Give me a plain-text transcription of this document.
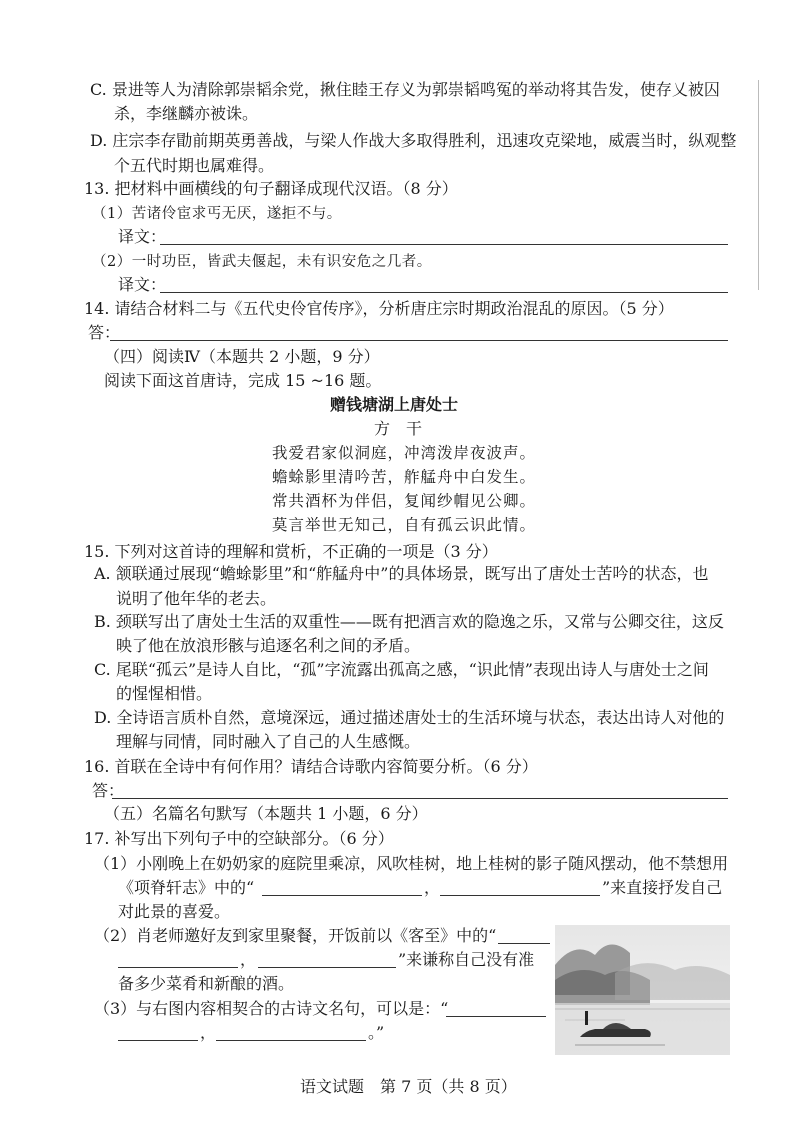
C. 景进等人为清除郭崇韬余党，揪住睦王存义为郭崇韬鸣冤的举动将其告发，使存乂被囚
杀，李继麟亦被诛。
D. 庄宗李存勖前期英勇善战，与梁人作战大多取得胜利，迅速攻克梁地，威震当时，纵观整
个五代时期也属难得。
13. 把材料中画横线的句子翻译成现代汉语。（8 分）
（1）苦诸伶宦求丐无厌，遂拒不与。
译文：
（2）一时功臣，皆武夫偃起，未有识安危之几者。
译文：
14. 请结合材料二与《五代史伶官传序》，分析唐庄宗时期政治混乱的原因。（5 分）
答：
（四）阅读Ⅳ（本题共 2 小题，9 分）
阅读下面这首唐诗，完成 15 ~16 题。
赠钱塘湖上唐处士
方　干
我爱君家似洞庭，冲湾泼岸夜波声。
蟾蜍影里清吟苦，舴艋舟中白发生。
常共酒杯为伴侣，复闻纱帽见公卿。
莫言举世无知己，自有孤云识此情。
15. 下列对这首诗的理解和赏析，不正确的一项是（3 分）
A. 颔联通过展现“蟾蜍影里”和“舴艋舟中”的具体场景，既写出了唐处士苦吟的状态，也
说明了他年华的老去。
B. 颈联写出了唐处士生活的双重性——既有把酒言欢的隐逸之乐，又常与公卿交往，这反
映了他在放浪形骸与追逐名利之间的矛盾。
C. 尾联“孤云”是诗人自比，“孤”字流露出孤高之感，“识此情”表现出诗人与唐处士之间
的惺惺相惜。
D. 全诗语言质朴自然，意境深远，通过描述唐处士的生活环境与状态，表达出诗人对他的
理解与同情，同时融入了自己的人生感慨。
16. 首联在全诗中有何作用？请结合诗歌内容简要分析。（6 分）
答：
（五）名篇名句默写（本题共 1 小题，6 分）
17. 补写出下列句子中的空缺部分。（6 分）
（1）小刚晚上在奶奶家的庭院里乘凉，风吹桂树，地上桂树的影子随风摆动，他不禁想用
《项脊轩志》中的“	，	”来直接抒发自己
对此景的喜爱。
（2）肖老师邀好友到家里聚餐，开饭前以《客至》中的“
，	”来谦称自己没有准
备多少菜肴和新酿的酒。
（3）与右图内容相契合的古诗文名句，可以是：“
，	。”
语文试题　第 7 页（共 8 页）
